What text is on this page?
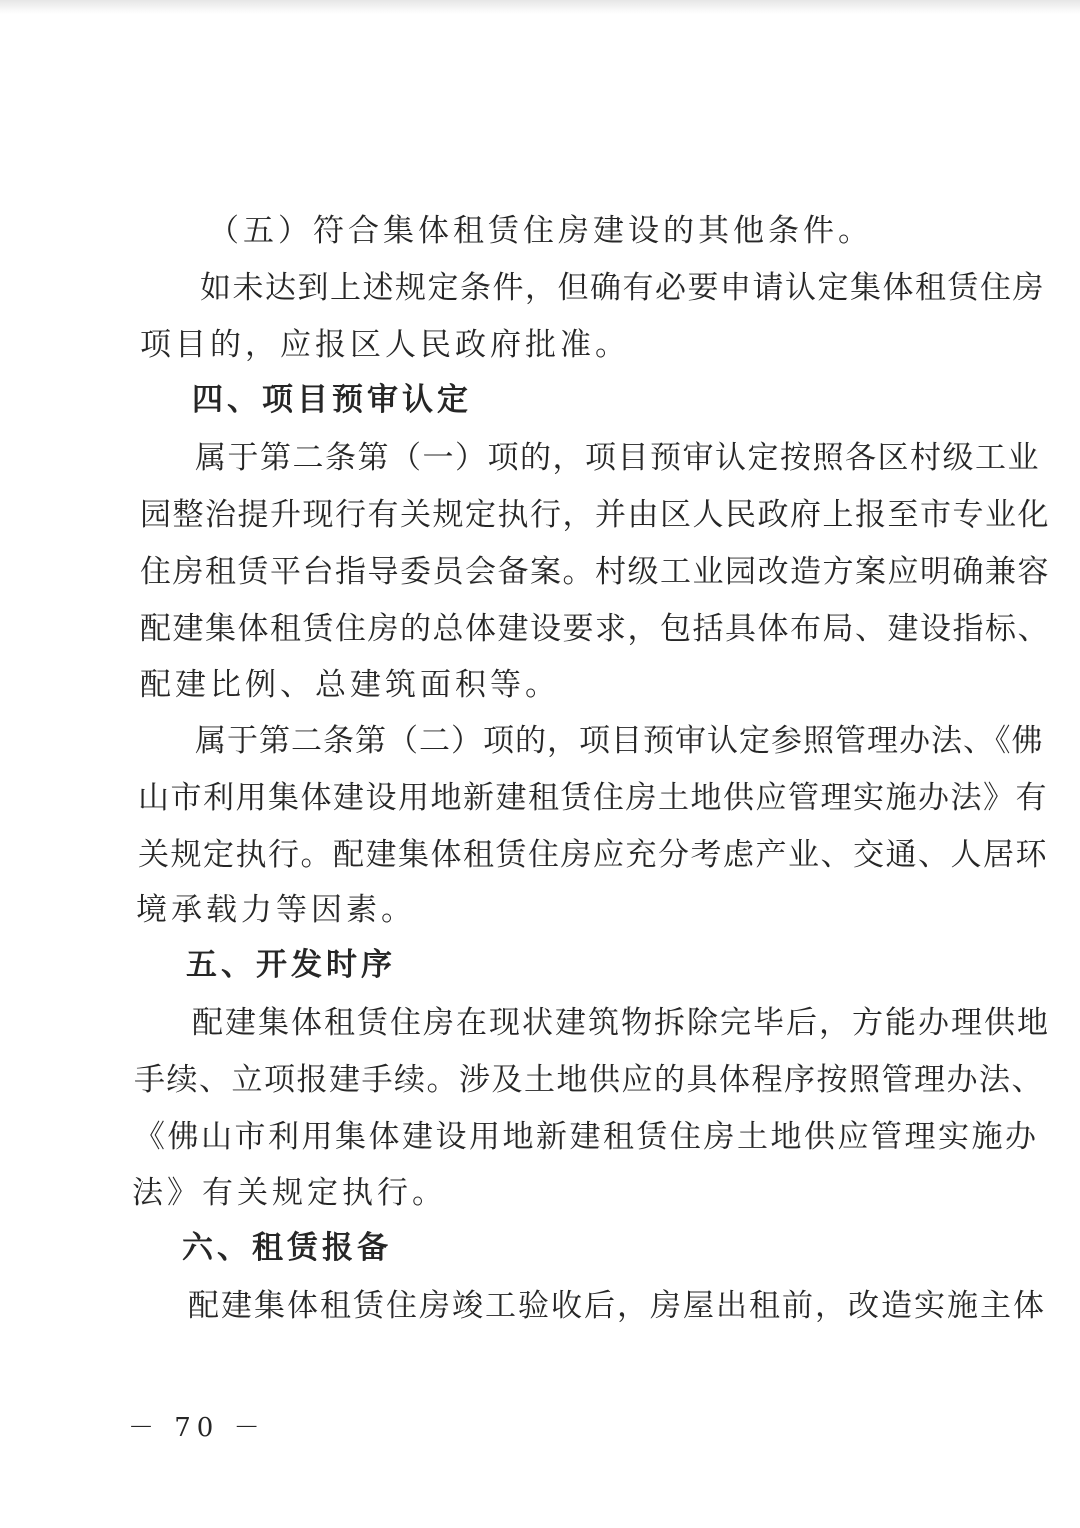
（五）符合集体租赁住房建设的其他条件。
如未达到上述规定条件，但确有必要申请认定集体租赁住房
项目的，应报区人民政府批准。
四、项目预审认定
属于第二条第（一）项的，项目预审认定按照各区村级工业
园整治提升现行有关规定执行，并由区人民政府上报至市专业化
住房租赁平台指导委员会备案。村级工业园改造方案应明确兼容
配建集体租赁住房的总体建设要求，包括具体布局、建设指标、
配建比例、总建筑面积等。
属于第二条第（二）项的，项目预审认定参照管理办法、《佛
山市利用集体建设用地新建租赁住房土地供应管理实施办法》有
关规定执行。配建集体租赁住房应充分考虑产业、交通、人居环
境承载力等因素。
五、开发时序
配建集体租赁住房在现状建筑物拆除完毕后，方能办理供地
手续、立项报建手续。涉及土地供应的具体程序按照管理办法、
《佛山市利用集体建设用地新建租赁住房土地供应管理实施办
法》有关规定执行。
六、租赁报备
配建集体租赁住房竣工验收后，房屋出租前，改造实施主体
－ 70 －
